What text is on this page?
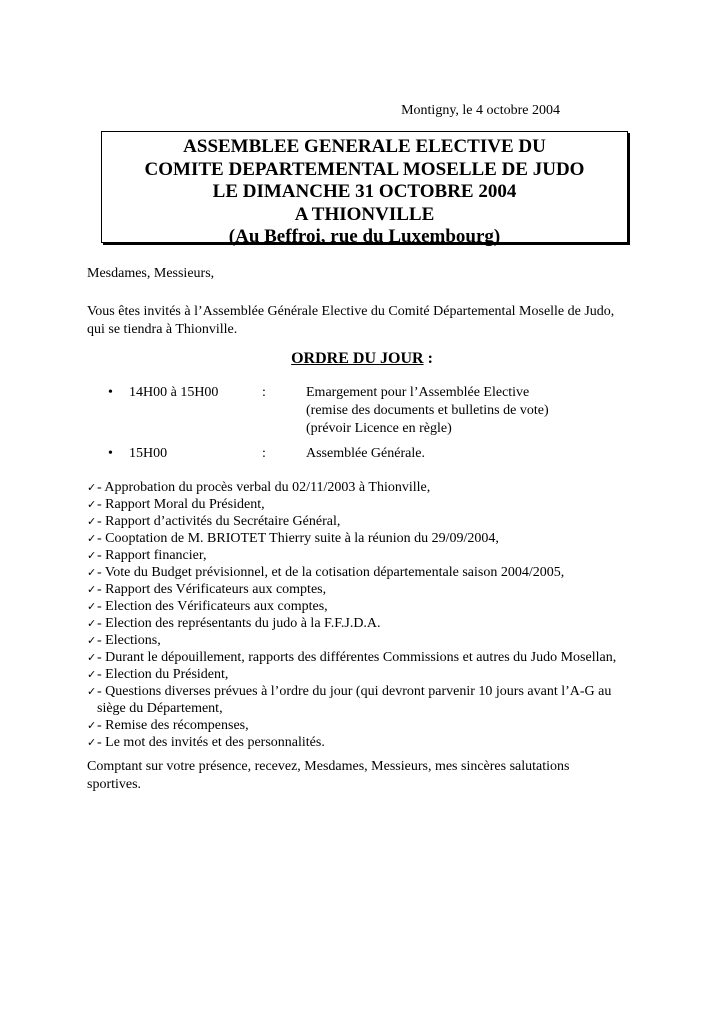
Montigny, le 4 octobre 2004
ASSEMBLEE GENERALE ELECTIVE DU
COMITE DEPARTEMENTAL MOSELLE DE JUDO
LE DIMANCHE 31 OCTOBRE 2004
A THIONVILLE
(Au Beffroi, rue du Luxembourg)
Mesdames, Messieurs,
Vous êtes invités à l’Assemblée Générale Elective du Comité Départemental Moselle de Judo, qui se tiendra à Thionville.
ORDRE DU JOUR :
• 14H00 à 15H00	:	Emargement pour l’Assemblée Elective
(remise des documents et bulletins de vote)
(prévoir Licence en règle)
• 15H00	:	Assemblée Générale.
✓ - Approbation du procès verbal du 02/11/2003 à Thionville,
✓ - Rapport Moral du Président,
✓ - Rapport d’activités du Secrétaire Général,
✓ - Cooptation de M. BRIOTET Thierry suite à la réunion du 29/09/2004,
✓ - Rapport financier,
✓ - Vote du Budget prévisionnel, et de la cotisation départementale saison 2004/2005,
✓ - Rapport des Vérificateurs aux comptes,
✓ - Election des Vérificateurs aux comptes,
✓ - Election des représentants du judo à la F.F.J.D.A.
✓ - Elections,
✓ - Durant le dépouillement, rapports des différentes Commissions et autres du Judo Mosellan,
✓ - Election du Président,
✓ - Questions diverses prévues à l’ordre du jour (qui devront parvenir 10 jours avant l’A-G au
siège du Département,
✓ - Remise des récompenses,
✓ - Le mot des invités et des personnalités.
Comptant sur votre présence, recevez, Mesdames, Messieurs, mes sincères salutations sportives.
